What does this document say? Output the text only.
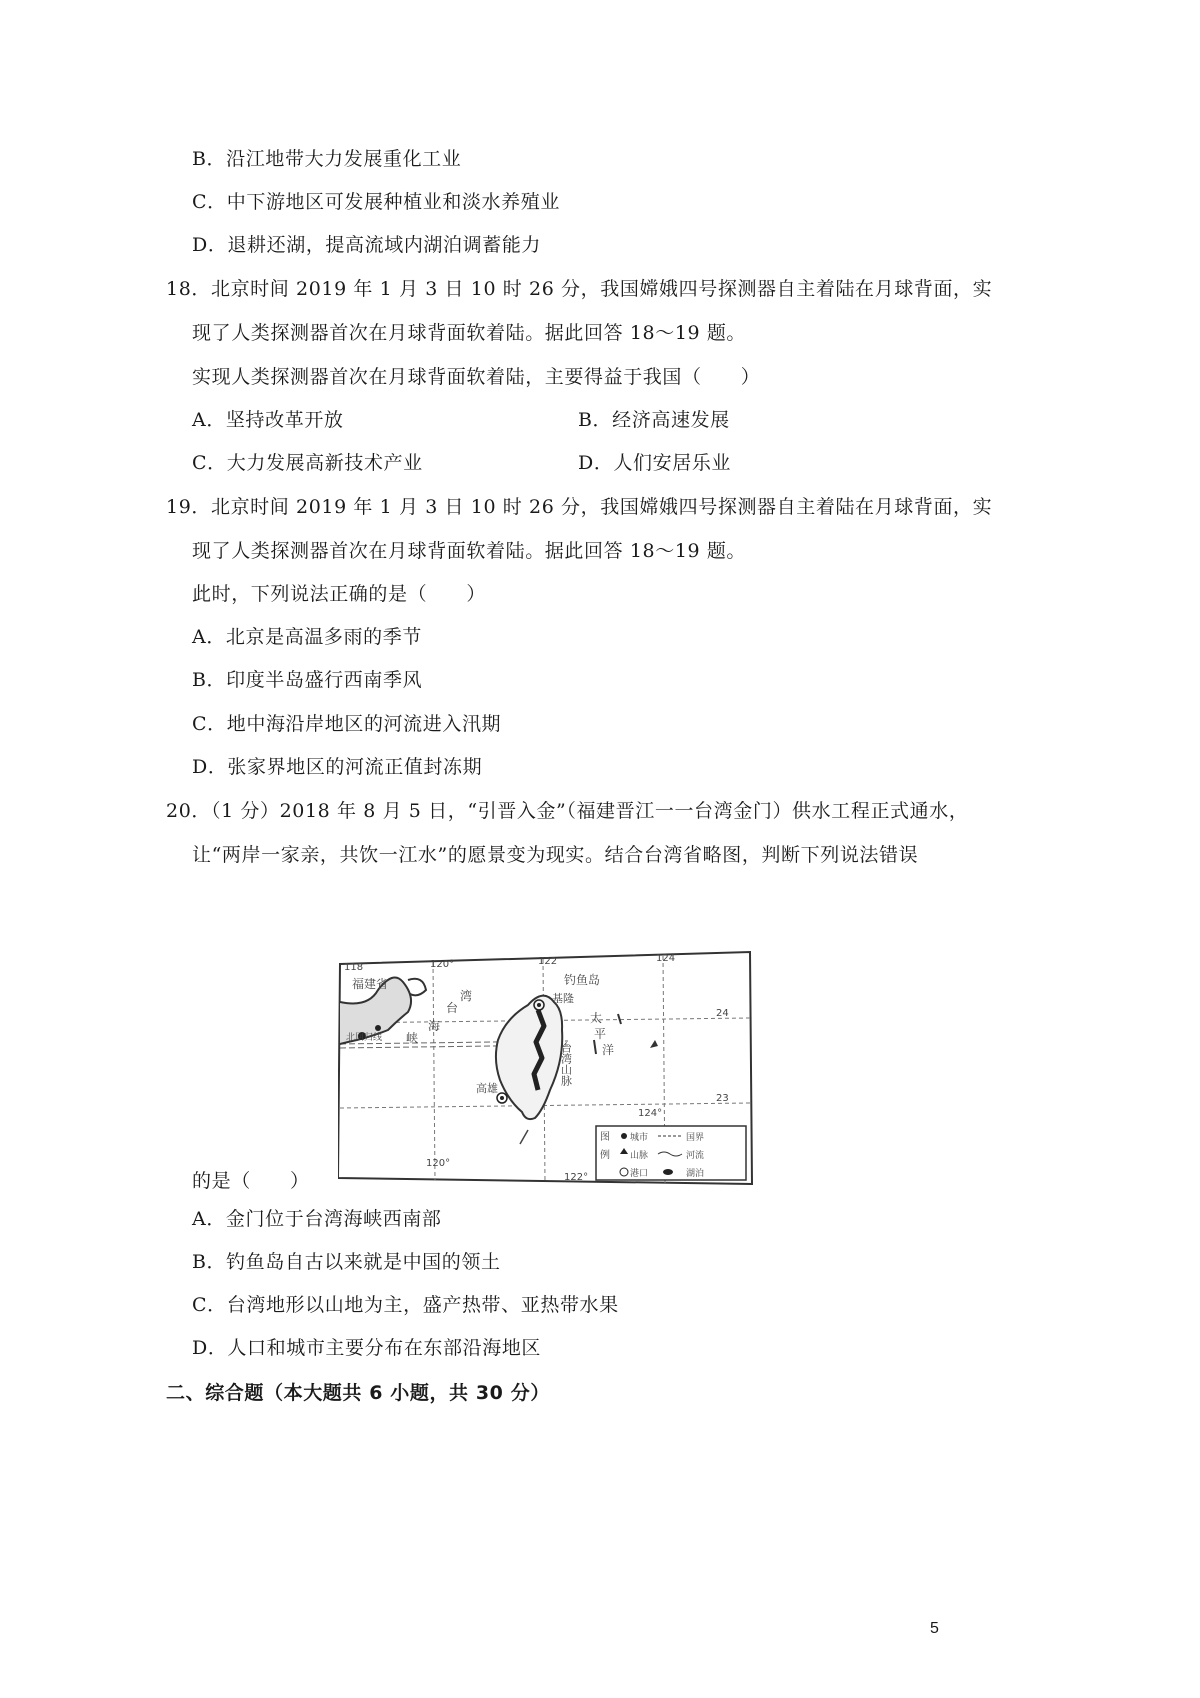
B．沿江地带大力发展重化工业
C．中下游地区可发展种植业和淡水养殖业
D．退耕还湖，提高流域内湖泊调蓄能力
18．北京时间 2019 年 1 月 3 日 10 时 26 分，我国嫦娥四号探测器自主着陆在月球背面，实
现了人类探测器首次在月球背面软着陆。据此回答 18～19 题。
实现人类探测器首次在月球背面软着陆，主要得益于我国（　　）
A．坚持改革开放	B．经济高速发展
C．大力发展高新技术产业	D．人们安居乐业
19．北京时间 2019 年 1 月 3 日 10 时 26 分，我国嫦娥四号探测器自主着陆在月球背面，实
现了人类探测器首次在月球背面软着陆。据此回答 18～19 题。
此时，下列说法正确的是（　　）
A．北京是高温多雨的季节
B．印度半岛盛行西南季风
C．地中海沿岸地区的河流进入汛期
D．张家界地区的河流正值封冻期
20．（1 分）2018 年 8 月 5 日，“引晋入金”（福建晋江一一台湾金门）供水工程正式通水，
让“两岸一家亲，共饮一江水”的愿景变为现实。结合台湾省略图，判断下列说法错误
118	120°	122	124
124°
120°
122°
24
23
福建省	钓鱼岛
基隆
高雄
台
湾
海
峡
太
平
洋
北回归线
台湾山脉
图
例
城市	国界
山脉	河流
港口	湖泊
的是（　　）
A．金门位于台湾海峡西南部
B．钓鱼岛自古以来就是中国的领土
C．台湾地形以山地为主，盛产热带、亚热带水果
D．人口和城市主要分布在东部沿海地区
二、综合题（本大题共 6 小题，共 30 分）
5
